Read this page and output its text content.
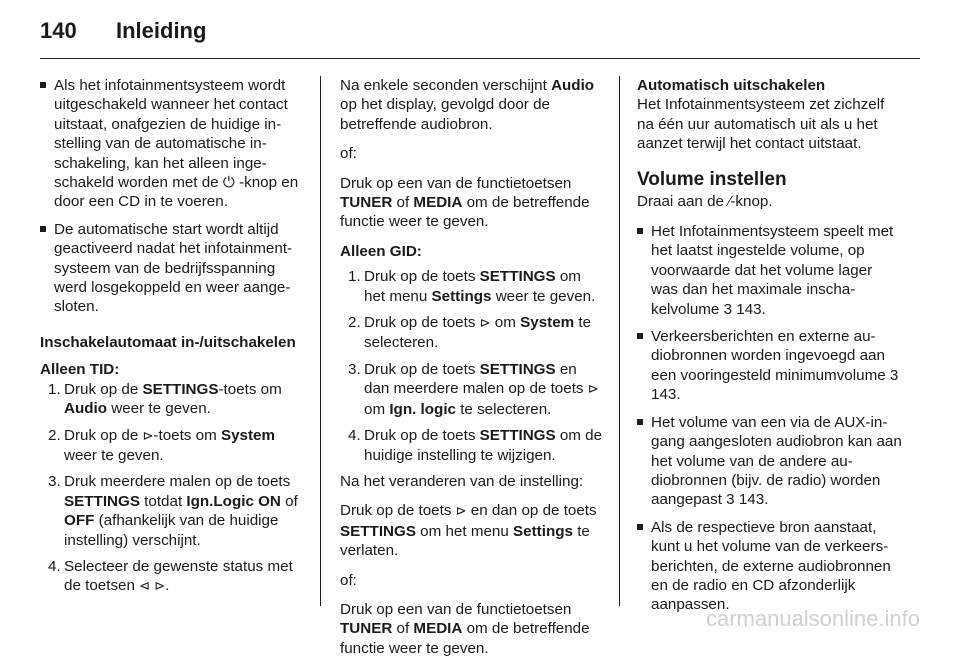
140	Inleiding
Als het infotainmentsysteem wordt uitgeschakeld wanneer het contact uitstaat, onafgezien de huidige instelling van de automatische inschakeling, kan het alleen ingeschakeld worden met de ⏻ -knop en door een CD in te voeren.
De automatische start wordt altijd geactiveerd nadat het infotainmentsysteem van de bedrijfsspanning werd losgekoppeld en weer aangesloten.
Inschakelautomaat in-/uitschakelen
Alleen TID:
1. Druk op de SETTINGS-toets om Audio weer te geven.
2. Druk op de ⊳-toets om System weer te geven.
3. Druk meerdere malen op de toets SETTINGS totdat Ign.Logic ON of OFF (afhankelijk van de huidige instelling) verschijnt.
4. Selecteer de gewenste status met de toetsen ⊲ ⊳.

Na enkele seconden verschijnt Audio op het display, gevolgd door de betreffende audiobron.

of:

Druk op een van de functietoetsen TUNER of MEDIA om de betreffende functie weer te geven.

Alleen GID:
1. Druk op de toets SETTINGS om het menu Settings weer te geven.
2. Druk op de toets ⊳ om System te selecteren.
3. Druk op de toets SETTINGS en dan meerdere malen op de toets ⊳ om Ign. logic te selecteren.
4. Druk op de toets SETTINGS om de huidige instelling te wijzigen.

Na het veranderen van de instelling:

Druk op de toets ⊳ en dan op de toets SETTINGS om het menu Settings te verlaten.

of:

Druk op een van de functietoetsen TUNER of MEDIA om de betreffende functie weer te geven.

Automatisch uitschakelen

Het Infotainmentsysteem zet zichzelf na één uur automatisch uit als u het aanzet terwijl het contact uitstaat.

Volume instellen

Draai aan de ⁄-knop.

Het Infotainmentsysteem speelt met het laatst ingestelde volume, op voorwaarde dat het volume lager was dan het maximale inschakelvolume 3 143.
Verkeersberichten en externe audiobronnen worden ingevoegd aan een vooringesteld minimumvolume 3 143.
Het volume van een via de AUX-ingang aangesloten audiobron kan aan het volume van de andere audiobronnen (bijv. de radio) worden aangepast 3 143.
Als de respectieve bron aanstaat, kunt u het volume van de verkeersberichten, de externe audiobronnen en de radio en CD afzonderlijk aanpassen.
carmanualsonline.info
